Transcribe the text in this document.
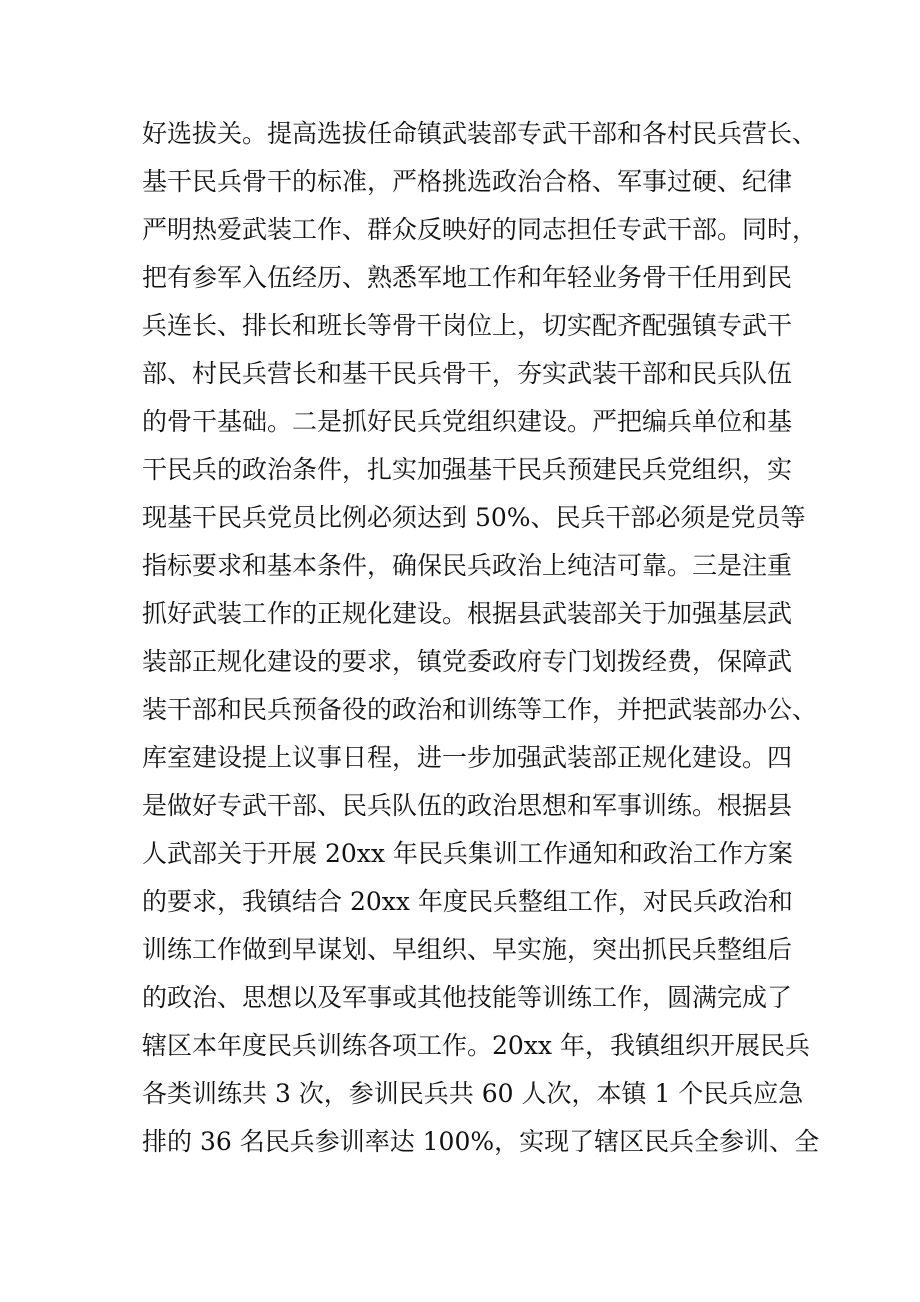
好选拔关。提高选拔任命镇武装部专武干部和各村民兵营长、
基干民兵骨干的标准，严格挑选政治合格、军事过硬、纪律
严明热爱武装工作、群众反映好的同志担任专武干部。同时，
把有参军入伍经历、熟悉军地工作和年轻业务骨干任用到民
兵连长、排长和班长等骨干岗位上，切实配齐配强镇专武干
部、村民兵营长和基干民兵骨干，夯实武装干部和民兵队伍
的骨干基础。二是抓好民兵党组织建设。严把编兵单位和基
干民兵的政治条件，扎实加强基干民兵预建民兵党组织，实
现基干民兵党员比例必须达到 50%、民兵干部必须是党员等
指标要求和基本条件，确保民兵政治上纯洁可靠。三是注重
抓好武装工作的正规化建设。根据县武装部关于加强基层武
装部正规化建设的要求，镇党委政府专门划拨经费，保障武
装干部和民兵预备役的政治和训练等工作，并把武装部办公、
库室建设提上议事日程，进一步加强武装部正规化建设。四
是做好专武干部、民兵队伍的政治思想和军事训练。根据县
人武部关于开展 20xx 年民兵集训工作通知和政治工作方案
的要求，我镇结合 20xx 年度民兵整组工作，对民兵政治和
训练工作做到早谋划、早组织、早实施，突出抓民兵整组后
的政治、思想以及军事或其他技能等训练工作，圆满完成了
辖区本年度民兵训练各项工作。20xx 年，我镇组织开展民兵
各类训练共 3 次，参训民兵共 60 人次，本镇 1 个民兵应急
排的 36 名民兵参训率达 100%，实现了辖区民兵全参训、全
